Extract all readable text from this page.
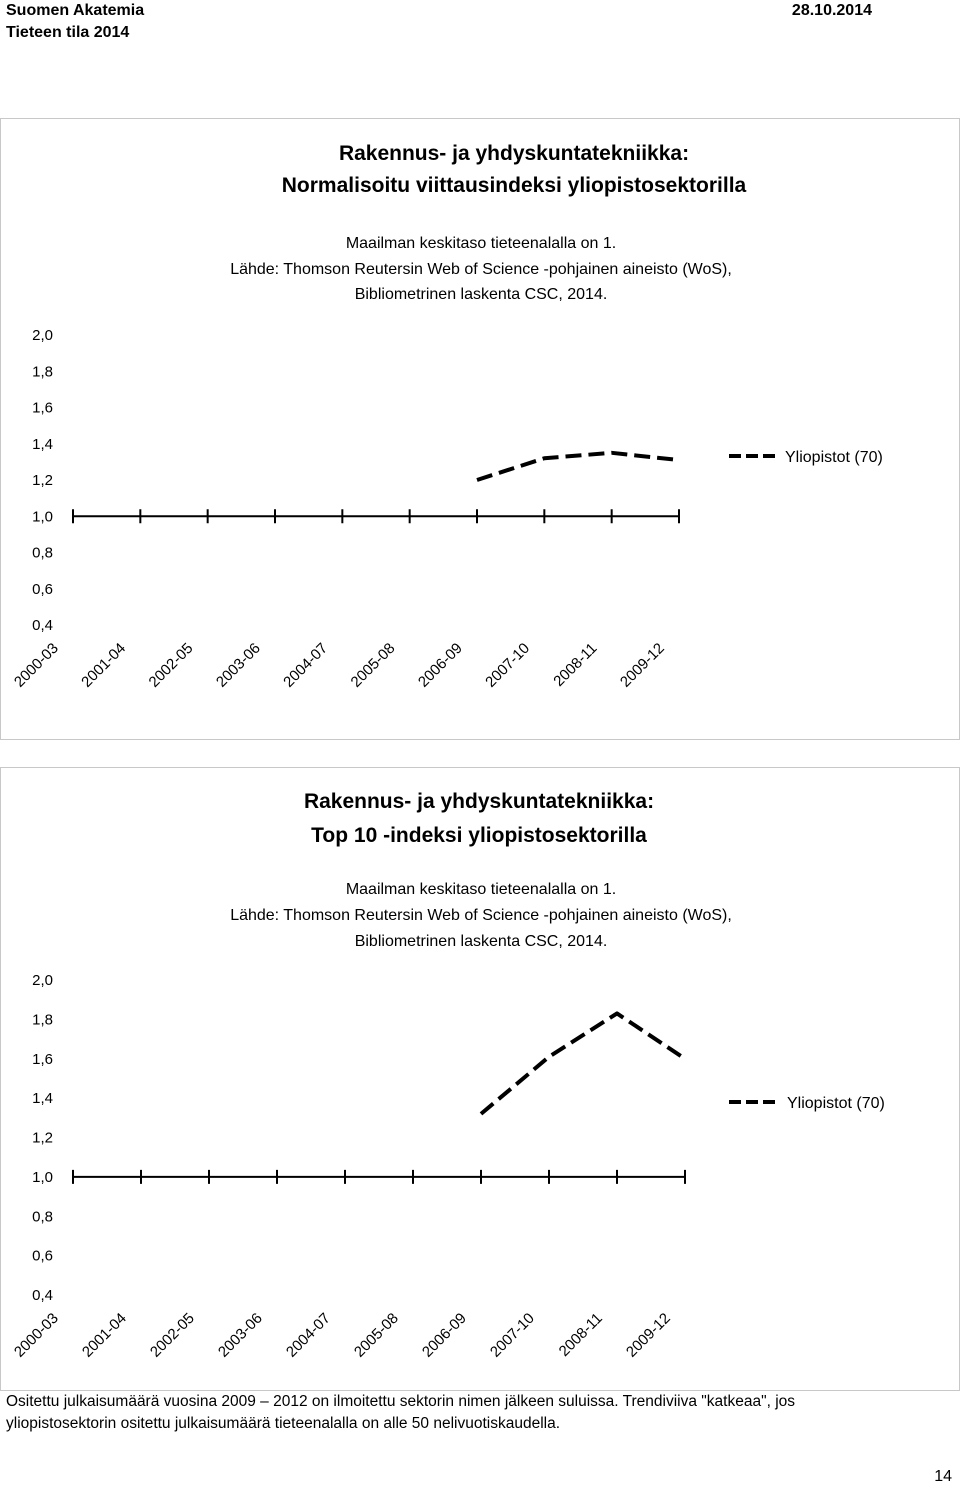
Suomen Akatemia
Tieteen tila 2014
28.10.2014
Rakennus- ja yhdyskuntatekniikka:
Normalisoitu viittausindeksi yliopistosektorilla
Maailman keskitaso tieteenalalla on 1.
Lähde: Thomson Reutersin Web of Science -pohjainen aineisto (WoS),
Bibliometrinen laskenta CSC, 2014.
0,4
0,6
0,8
1,0
1,2
1,4
1,6
1,8
2,0
2000-03 2001-04 2002-05 2003-06 2004-07 2005-08 2006-09 2007-10 2008-11 2009-12
Yliopistot (70)
Rakennus- ja yhdyskuntatekniikka:
Top 10 -indeksi yliopistosektorilla
Maailman keskitaso tieteenalalla on 1.
Lähde: Thomson Reutersin Web of Science -pohjainen aineisto (WoS),
Bibliometrinen laskenta CSC, 2014.
0,4
0,6
0,8
1,0
1,2
1,4
1,6
1,8
2,0
2000-03 2001-04 2002-05 2003-06 2004-07 2005-08 2006-09 2007-10 2008-11 2009-12
Yliopistot (70)
Ositettu julkaisumäärä vuosina 2009 – 2012 on ilmoitettu sektorin nimen jälkeen suluissa. Trendiviiva "katkeaa", jos
yliopistosektorin ositettu julkaisumäärä tieteenalalla on alle 50 nelivuotiskaudella.
14
